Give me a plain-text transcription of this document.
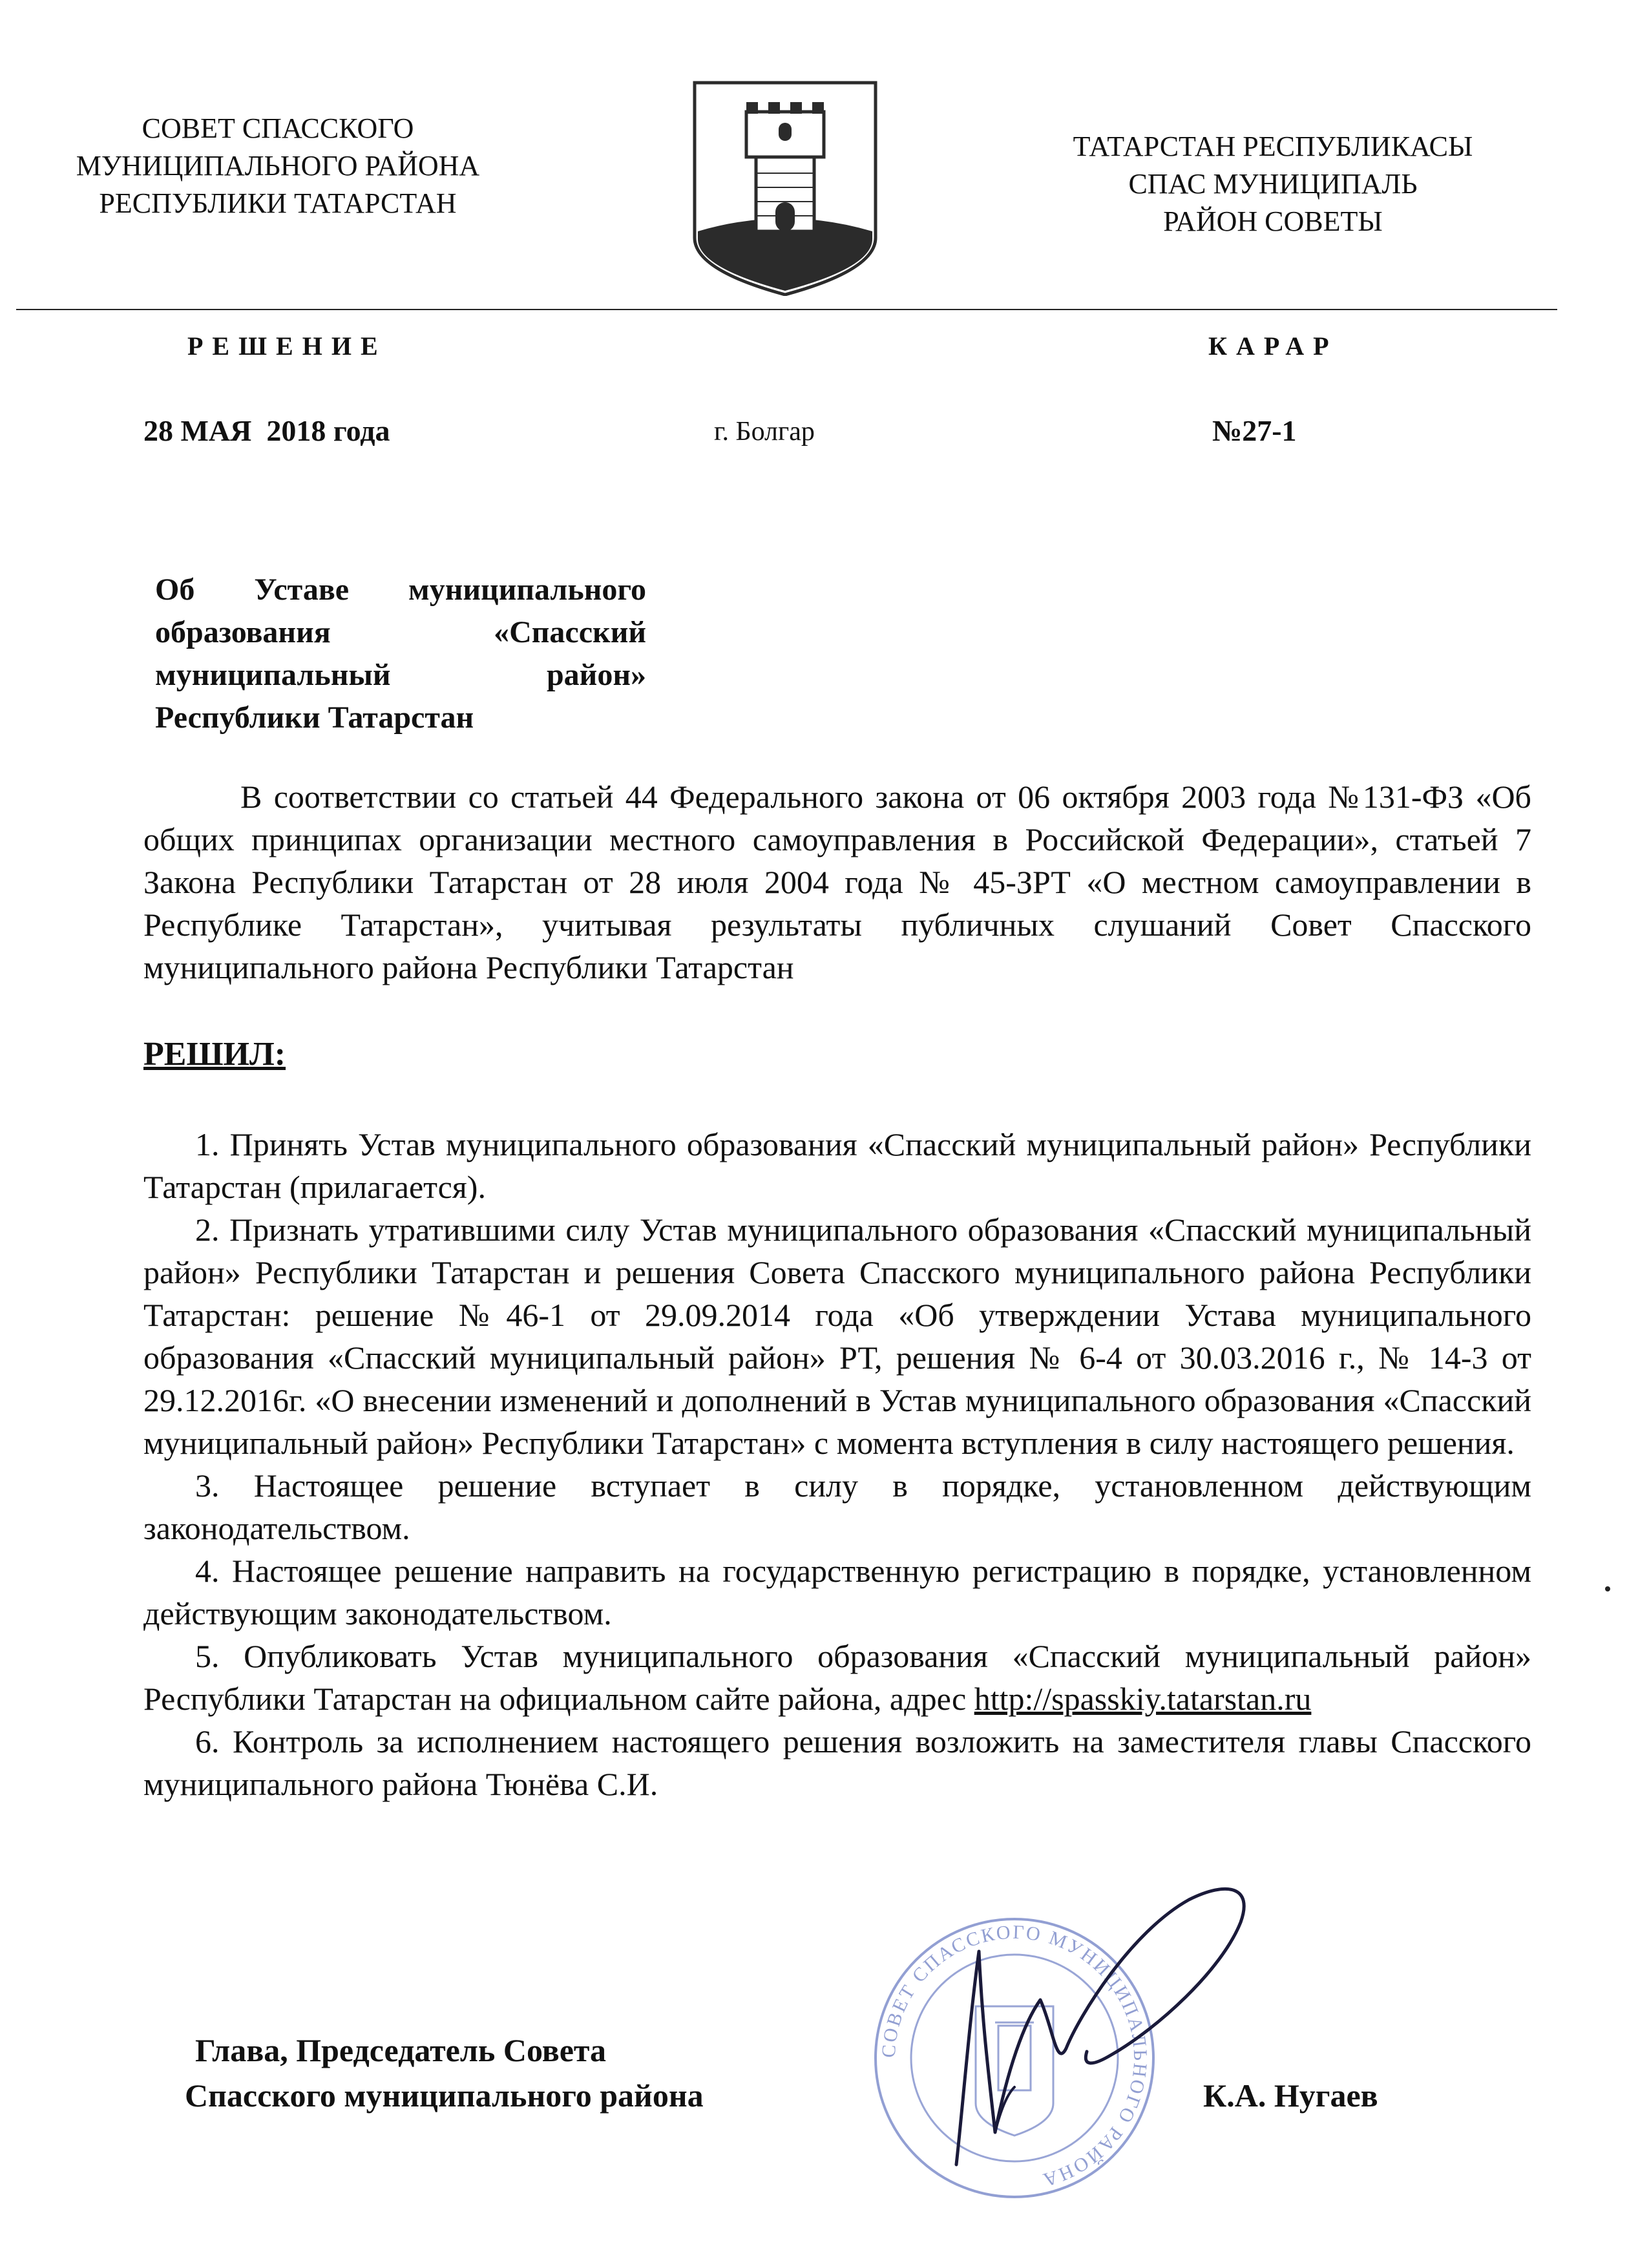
СОВЕТ СПАССКОГО
МУНИЦИПАЛЬНОГО РАЙОНА
РЕСПУБЛИКИ ТАТАРСТАН
ТАТАРСТАН РЕСПУБЛИКАСЫ
СПАС МУНИЦИПАЛЬ
РАЙОН СОВЕТЫ
РЕШЕНИЕ	КАРАР
28 МАЯ  2018 года	г. Болгар	№27-1
Об Уставе муниципального образования «Спасский муниципальный район» Республики Татарстан
В соответствии со статьей 44 Федерального закона от 06 октября 2003 года №131-ФЗ «Об общих принципах организации местного самоуправления в Российской Федерации», статьей 7 Закона Республики Татарстан от 28 июля 2004 года № 45-ЗРТ «О местном самоуправлении в Республике Татарстан», учитывая результаты публичных слушаний Совет Спасского муниципального района Республики Татарстан
РЕШИЛ:

1. Принять Устав муниципального образования «Спасский муниципальный район» Республики Татарстан (прилагается).

2. Признать утратившими силу Устав муниципального образования «Спасский муниципальный район» Республики Татарстан и решения Совета Спасского муниципального района Республики Татарстан: решение №46-1 от 29.09.2014 года «Об утверждении Устава муниципального образования «Спасский муниципальный район» РТ, решения № 6-4 от 30.03.2016 г., № 14-3 от 29.12.2016г. «О внесении изменений и дополнений в Устав муниципального образования «Спасский муниципальный район» Республики Татарстан» с момента вступления в силу настоящего решения.

3. Настоящее решение вступает в силу в порядке, установленном действующим законодательством.

4. Настоящее решение направить на государственную регистрацию в порядке, установленном действующим законодательством.

5. Опубликовать Устав муниципального образования «Спасский муниципальный район» Республики Татарстан на официальном сайте района, адрес http://spasskiy.tatarstan.ru

6. Контроль за исполнением настоящего решения возложить на заместителя главы Спасского муниципального района Тюнёва С.И.

СОВЕТ СПАССКОГО МУНИЦИПАЛЬНОГО РАЙОНА
Глава, Председатель Совета
Спасского муниципального района	К.А. Нугаев
